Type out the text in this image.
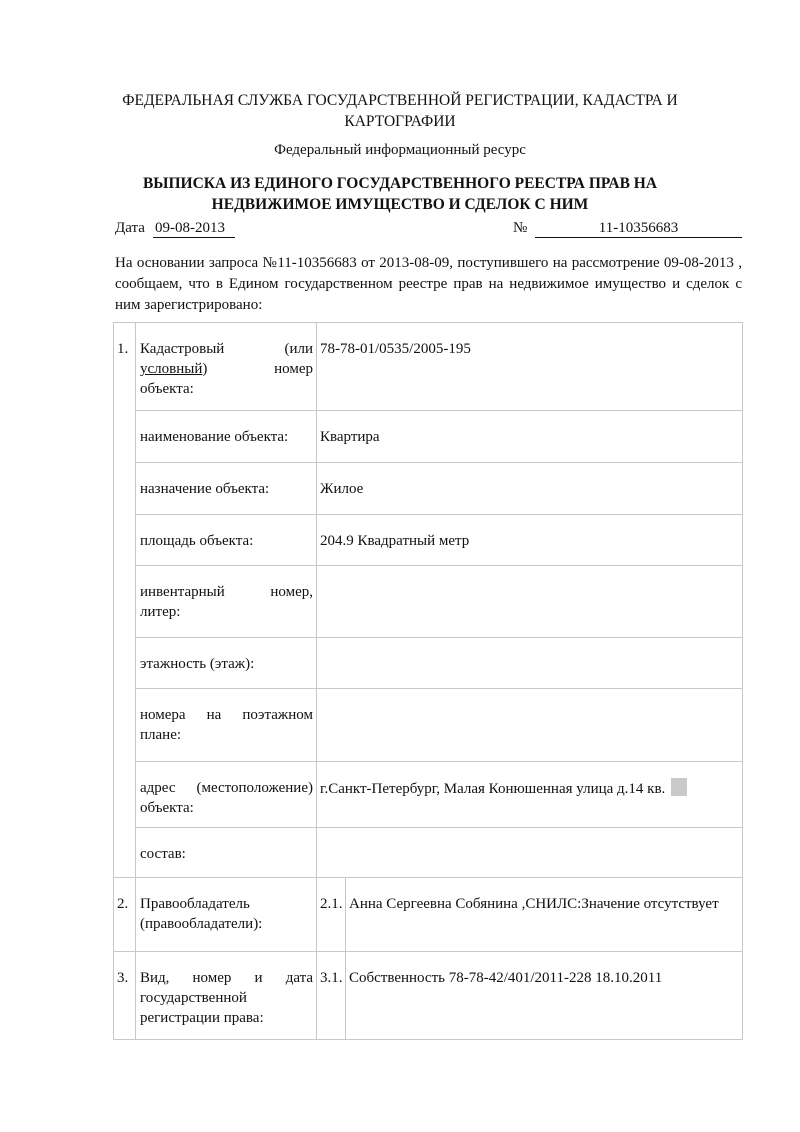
ФЕДЕРАЛЬНАЯ СЛУЖБА ГОСУДАРСТВЕННОЙ РЕГИСТРАЦИИ, КАДАСТРА И
КАРТОГРАФИИ
Федеральный информационный ресурс
ВЫПИСКА ИЗ ЕДИНОГО ГОСУДАРСТВЕННОГО РЕЕСТРА ПРАВ НА
НЕДВИЖИМОЕ ИМУЩЕСТВО И СДЕЛОК С НИМ
Дата 09-08-2013	№	11-10356683
На основании запроса №11-10356683 от 2013-08-09, поступившего на рассмотрение 09-08-2013 , сообщаем, что в Едином государственном реестре прав на недвижимое имущество и сделок с ним зарегистрировано:
1.	Кадастровый (или
условный) номер
объекта:	78-78-01/0535/2005-195	
	наименование объекта:	Квартира	
	назначение объекта:	Жилое	
	площадь объекта:	204.9 Квадратный метр	
	инвентарный номер, литер:		
	этажность (этаж):		
	номера на поэтажном плане:		
	адрес (местоположение) объекта:	г.Санкт-Петербург, Малая Конюшенная улица д.14 кв.	
	состав:		
2.	Правообладатель (правообладатели):	2.1.	Анна Сергеевна Собянина ,СНИЛС:Значение отсутствует
3.	Вид, номер и дата государственной регистрации права:	3.1.	Собственность 78-78-42/401/2011-228 18.10.2011
